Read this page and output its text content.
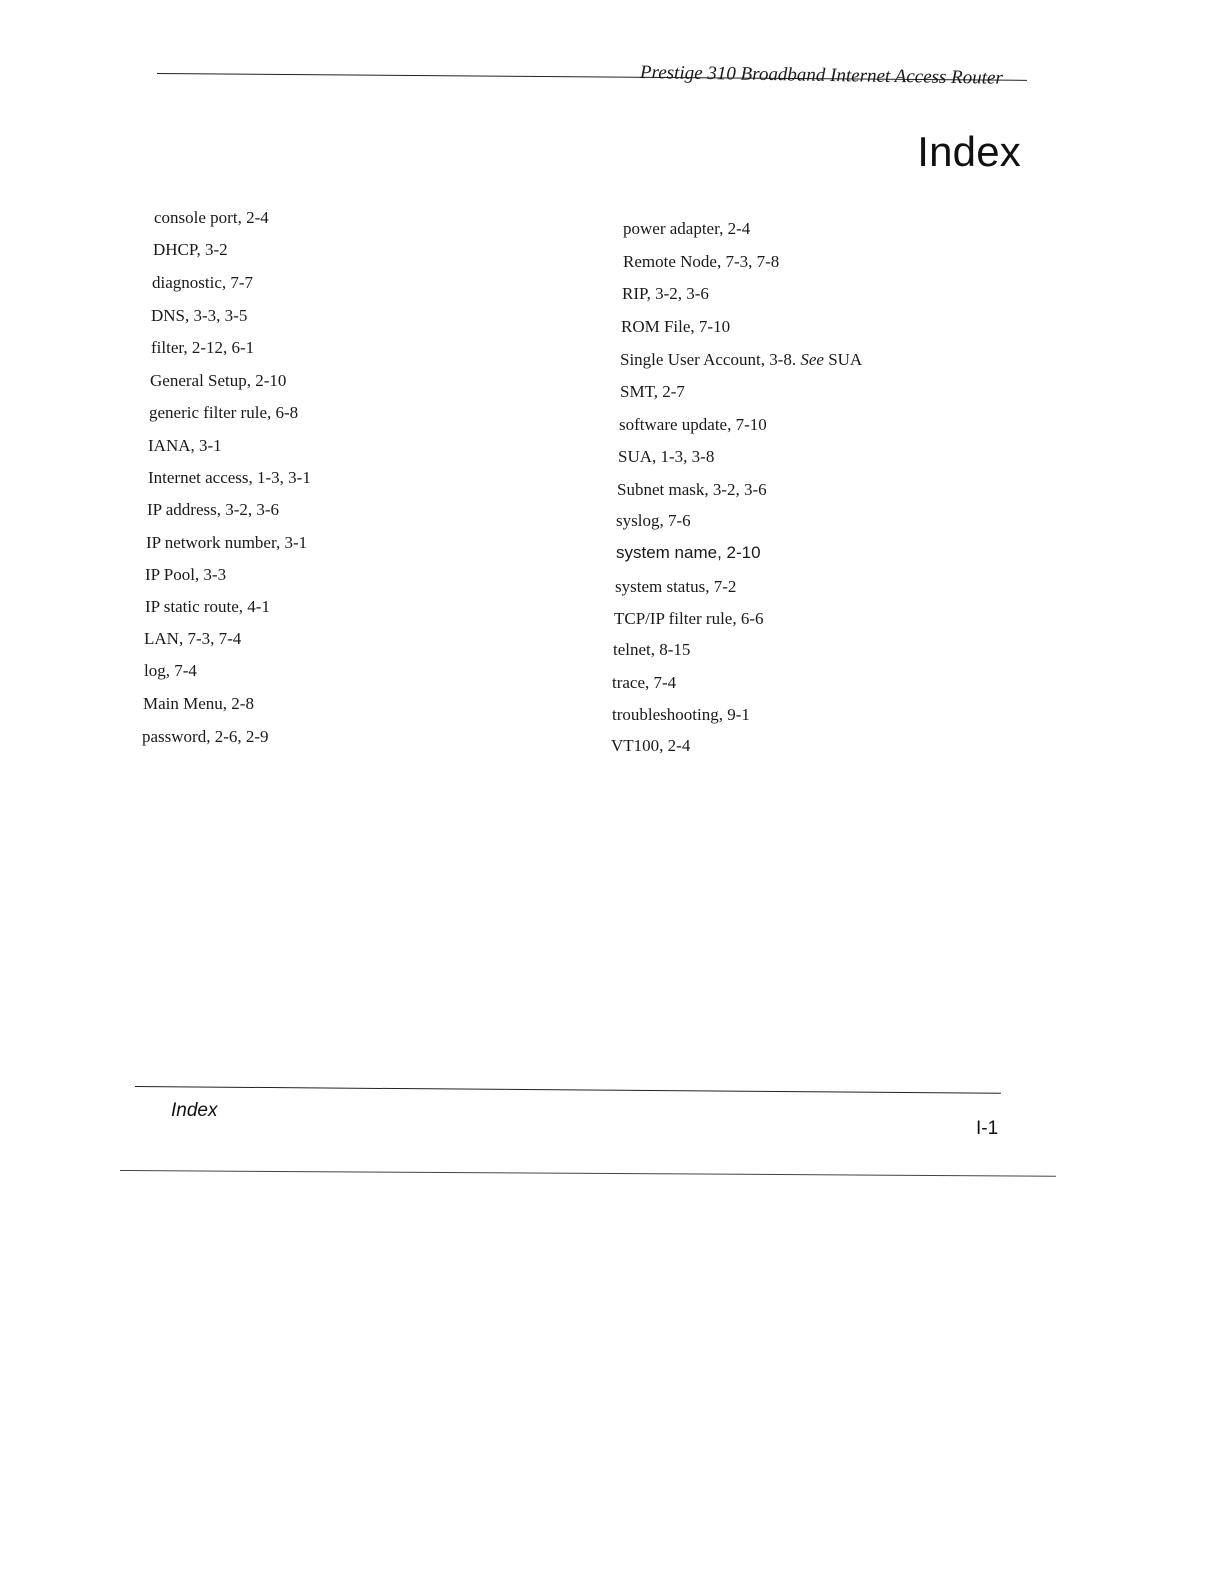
Prestige 310 Broadband Internet Access Router
Index
console port, 2-4
DHCP, 3-2
diagnostic, 7-7
DNS, 3-3, 3-5
filter, 2-12, 6-1
General Setup, 2-10
generic filter rule, 6-8
IANA, 3-1
Internet access, 1-3, 3-1
IP address, 3-2, 3-6
IP network number, 3-1
IP Pool, 3-3
IP static route, 4-1
LAN, 7-3, 7-4
log, 7-4
Main Menu, 2-8
password, 2-6, 2-9
power adapter, 2-4
Remote Node, 7-3, 7-8
RIP, 3-2, 3-6
ROM File, 7-10
Single User Account, 3-8. See SUA
SMT, 2-7
software update, 7-10
SUA, 1-3, 3-8
Subnet mask, 3-2, 3-6
syslog, 7-6
system name, 2-10
system status, 7-2
TCP/IP filter rule, 6-6
telnet, 8-15
trace, 7-4
troubleshooting, 9-1
VT100, 2-4
Index
I-1
